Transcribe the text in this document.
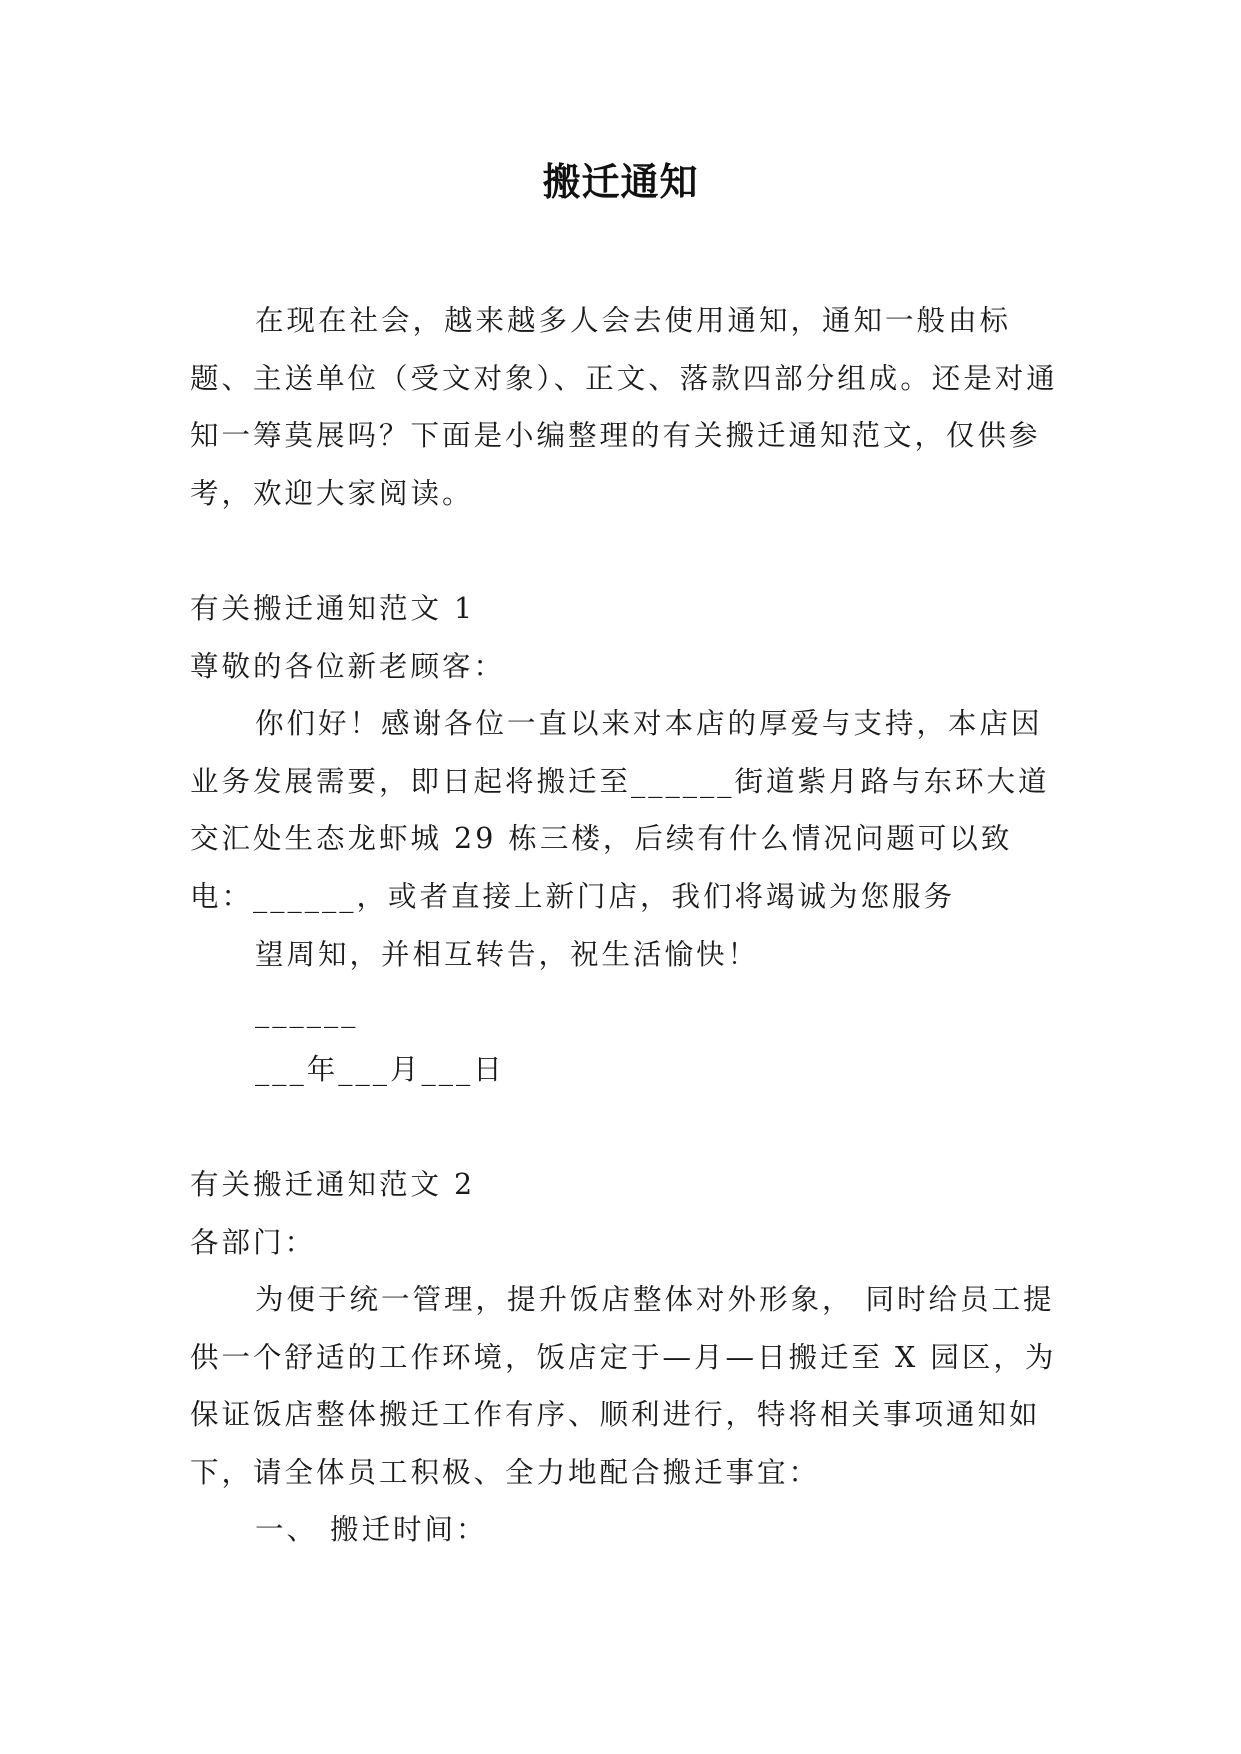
搬迁通知

在现在社会，越来越多人会去使用通知，通知一般由标题、主送单位（受文对象）、正文、落款四部分组成。还是对通知一筹莫展吗？下面是小编整理的有关搬迁通知范文，仅供参考，欢迎大家阅读。

有关搬迁通知范文 1

尊敬的各位新老顾客：

你们好！感谢各位一直以来对本店的厚爱与支持，本店因业务发展需要，即日起将搬迁至______街道紫月路与东环大道交汇处生态龙虾城 29 栋三楼，后续有什么情况问题可以致电：______，或者直接上新门店，我们将竭诚为您服务

望周知，并相互转告，祝生活愉快！

______

___年___月___日

有关搬迁通知范文 2

各部门：

为便于统一管理，提升饭店整体对外形象， 同时给员工提供一个舒适的工作环境，饭店定于—月—日搬迁至 X 园区，为保证饭店整体搬迁工作有序、顺利进行，特将相关事项通知如下，请全体员工积极、全力地配合搬迁事宜：

一、 搬迁时间：
